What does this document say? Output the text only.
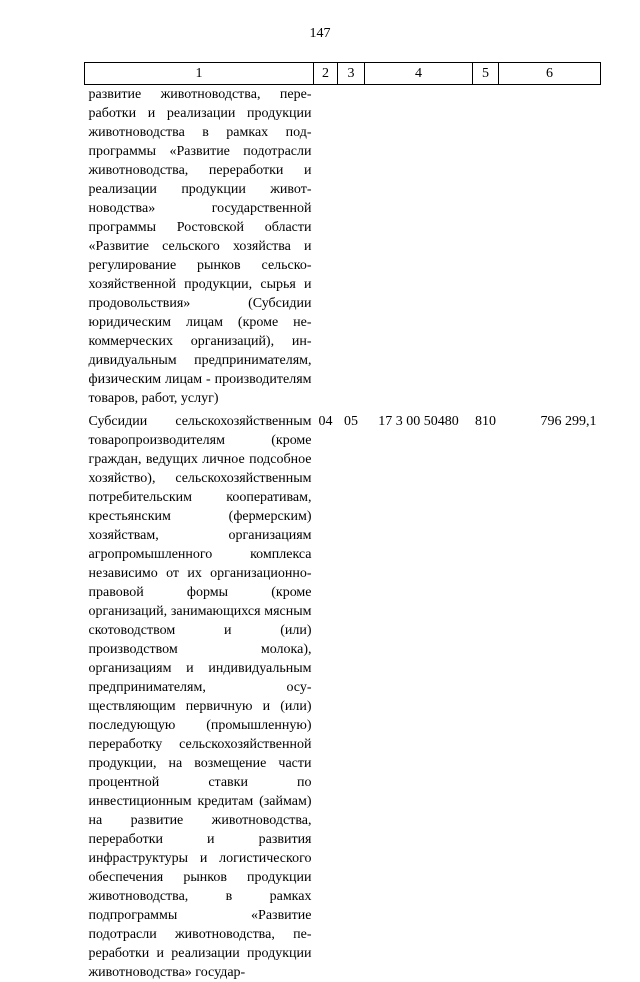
147
1	2	3	4	5	6
развитие животноводства, переработки и реализации продукции животноводства в рамках подпрограммы «Развитие подотрасли животноводства, переработки и реализации продукции животноводства» государственной программы Ростовской области «Развитие сельского хозяйства и регулирование рынков сельскохозяйственной продукции, сырья и продовольствия» (Субсидии юридическим лицам (кроме некоммерческих организаций), индивидуальным предпринимателям, физическим лицам - производителям товаров, работ, услуг)					
Субсидии сельскохозяйственным товаропроизводителям (кроме граждан, ведущих личное подсобное хозяйство), сельскохозяйственным потребительским кооперативам, крестьянским (фермерским) хозяйствам, организациям агропромышленного комплекса независимо от их организационно-правовой формы (кроме организаций, занимающихся мясным скотоводством и (или) производством молока), организациям и индивидуальным предпринимателям, осуществляющим первичную и (или) последующую (промышленную) переработку сельскохозяйственной продукции, на возмещение части процентной ставки по инвестиционным кредитам (займам) на развитие животноводства, переработки и развития инфраструктуры и логистического обеспечения рынков продукции животноводства, в рамках подпрограммы «Развитие подотрасли животноводства, переработки и реализации продукции животноводства» государ-	04	05	17 3 00 50480	810	796 299,1
